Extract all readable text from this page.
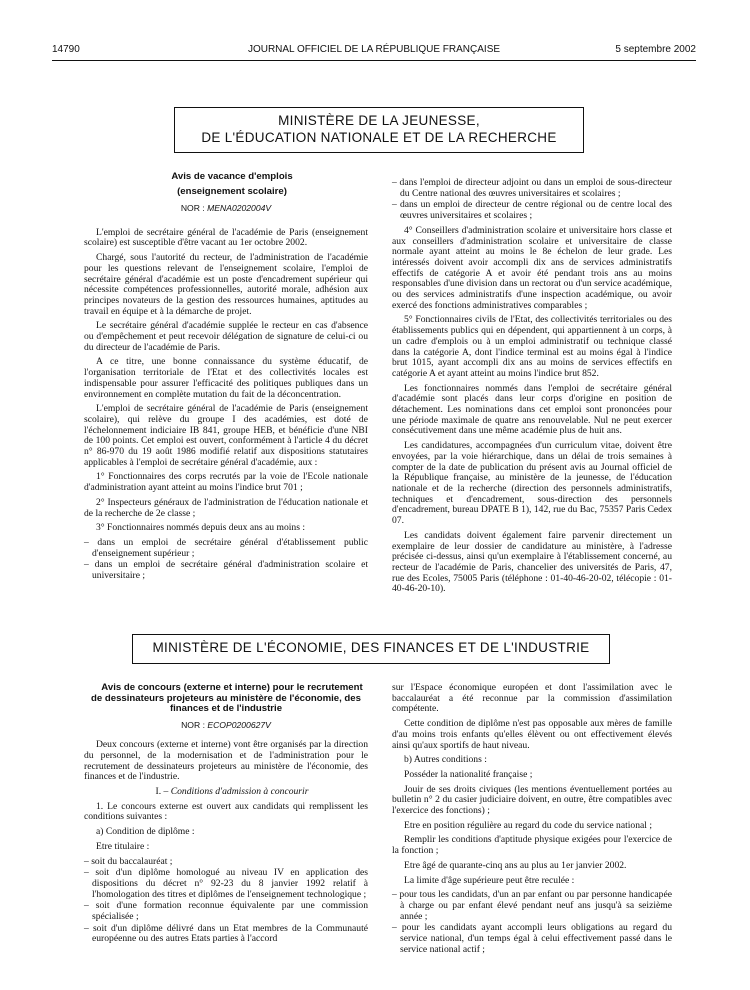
14790	JOURNAL OFFICIEL DE LA RÉPUBLIQUE FRANÇAISE	5 septembre 2002
MINISTÈRE DE LA JEUNESSE,
DE L'ÉDUCATION NATIONALE ET DE LA RECHERCHE

Avis de vacance d'emplois

(enseignement scolaire)

NOR : MENA0202004V

L'emploi de secrétaire général de l'académie de Paris (enseignement scolaire) est susceptible d'être vacant au 1er octobre 2002.

Chargé, sous l'autorité du recteur, de l'administration de l'académie pour les questions relevant de l'enseignement scolaire, l'emploi de secrétaire général d'académie est un poste d'encadrement supérieur qui nécessite compétences professionnelles, autorité morale, adhésion aux principes novateurs de la gestion des ressources humaines, aptitudes au travail en équipe et à la démarche de projet.

Le secrétaire général d'académie supplée le recteur en cas d'absence ou d'empêchement et peut recevoir délégation de signature de celui-ci ou du directeur de l'académie de Paris.

A ce titre, une bonne connaissance du système éducatif, de l'organisation territoriale de l'Etat et des collectivités locales est indispensable pour assurer l'efficacité des politiques publiques dans un environnement en complète mutation du fait de la déconcentration.

L'emploi de secrétaire général de l'académie de Paris (enseignement scolaire), qui relève du groupe I des académies, est doté de l'échelonnement indiciaire IB 841, groupe HEB, et bénéficie d'une NBI de 100 points. Cet emploi est ouvert, conformément à l'article 4 du décret n° 86-970 du 19 août 1986 modifié relatif aux dispositions statutaires applicables à l'emploi de secrétaire général d'académie, aux :

1° Fonctionnaires des corps recrutés par la voie de l'Ecole nationale d'administration ayant atteint au moins l'indice brut 701 ;

2° Inspecteurs généraux de l'administration de l'éducation nationale et de la recherche de 2e classe ;

3° Fonctionnaires nommés depuis deux ans au moins :

– dans un emploi de secrétaire général d'établissement public d'enseignement supérieur ;

– dans un emploi de secrétaire général d'administration scolaire et universitaire ;

– dans l'emploi de directeur adjoint ou dans un emploi de sous-directeur du Centre national des œuvres universitaires et scolaires ;

– dans un emploi de directeur de centre régional ou de centre local des œuvres universitaires et scolaires ;

4° Conseillers d'administration scolaire et universitaire hors classe et aux conseillers d'administration scolaire et universitaire de classe normale ayant atteint au moins le 8e échelon de leur grade. Les intéressés doivent avoir accompli dix ans de services administratifs effectifs de catégorie A et avoir été pendant trois ans au moins responsables d'une division dans un rectorat ou d'un service académique, ou des services administratifs d'une inspection académique, ou avoir exercé des fonctions administratives comparables ;

5° Fonctionnaires civils de l'Etat, des collectivités territoriales ou des établissements publics qui en dépendent, qui appartiennent à un corps, à un cadre d'emplois ou à un emploi administratif ou technique classé dans la catégorie A, dont l'indice terminal est au moins égal à l'indice brut 1015, ayant accompli dix ans au moins de services effectifs en catégorie A et ayant atteint au moins l'indice brut 852.

Les fonctionnaires nommés dans l'emploi de secrétaire général d'académie sont placés dans leur corps d'origine en position de détachement. Les nominations dans cet emploi sont prononcées pour une période maximale de quatre ans renouvelable. Nul ne peut exercer consécutivement dans une même académie plus de huit ans.

Les candidatures, accompagnées d'un curriculum vitae, doivent être envoyées, par la voie hiérarchique, dans un délai de trois semaines à compter de la date de publication du présent avis au Journal officiel de la République française, au ministère de la jeunesse, de l'éducation nationale et de la recherche (direction des personnels administratifs, techniques et d'encadrement, sous-direction des personnels d'encadrement, bureau DPATE B 1), 142, rue du Bac, 75357 Paris Cedex 07.

Les candidats doivent également faire parvenir directement un exemplaire de leur dossier de candidature au ministère, à l'adresse précisée ci-dessus, ainsi qu'un exemplaire à l'établissement concerné, au recteur de l'académie de Paris, chancelier des universités de Paris, 47, rue des Ecoles, 75005 Paris (téléphone : 01-40-46-20-02, télécopie : 01-40-46-20-10).

MINISTÈRE DE L'ÉCONOMIE, DES FINANCES ET DE L'INDUSTRIE

Avis de concours (externe et interne) pour le recrutement de dessinateurs projeteurs au ministère de l'économie, des finances et de l'industrie

NOR : ECOP0200627V

Deux concours (externe et interne) vont être organisés par la direction du personnel, de la modernisation et de l'administration pour le recrutement de dessinateurs projeteurs au ministère de l'économie, des finances et de l'industrie.

I. – Conditions d'admission à concourir

1. Le concours externe est ouvert aux candidats qui remplissent les conditions suivantes :

a) Condition de diplôme :

Etre titulaire :

– soit du baccalauréat ;

– soit d'un diplôme homologué au niveau IV en application des dispositions du décret n° 92-23 du 8 janvier 1992 relatif à l'homologation des titres et diplômes de l'enseignement technologique ;

– soit d'une formation reconnue équivalente par une commission spécialisée ;

– soit d'un diplôme délivré dans un Etat membres de la Communauté européenne ou des autres Etats parties à l'accord

sur l'Espace économique européen et dont l'assimilation avec le baccalauréat a été reconnue par la commission d'assimilation compétente.

Cette condition de diplôme n'est pas opposable aux mères de famille d'au moins trois enfants qu'elles élèvent ou ont effectivement élevés ainsi qu'aux sportifs de haut niveau.

b) Autres conditions :

Posséder la nationalité française ;

Jouir de ses droits civiques (les mentions éventuellement portées au bulletin n° 2 du casier judiciaire doivent, en outre, être compatibles avec l'exercice des fonctions) ;

Etre en position régulière au regard du code du service national ;

Remplir les conditions d'aptitude physique exigées pour l'exercice de la fonction ;

Etre âgé de quarante-cinq ans au plus au 1er janvier 2002.

La limite d'âge supérieure peut être reculée :

– pour tous les candidats, d'un an par enfant ou par personne handicapée à charge ou par enfant élevé pendant neuf ans jusqu'à sa seizième année ;

– pour les candidats ayant accompli leurs obligations au regard du service national, d'un temps égal à celui effectivement passé dans le service national actif ;
